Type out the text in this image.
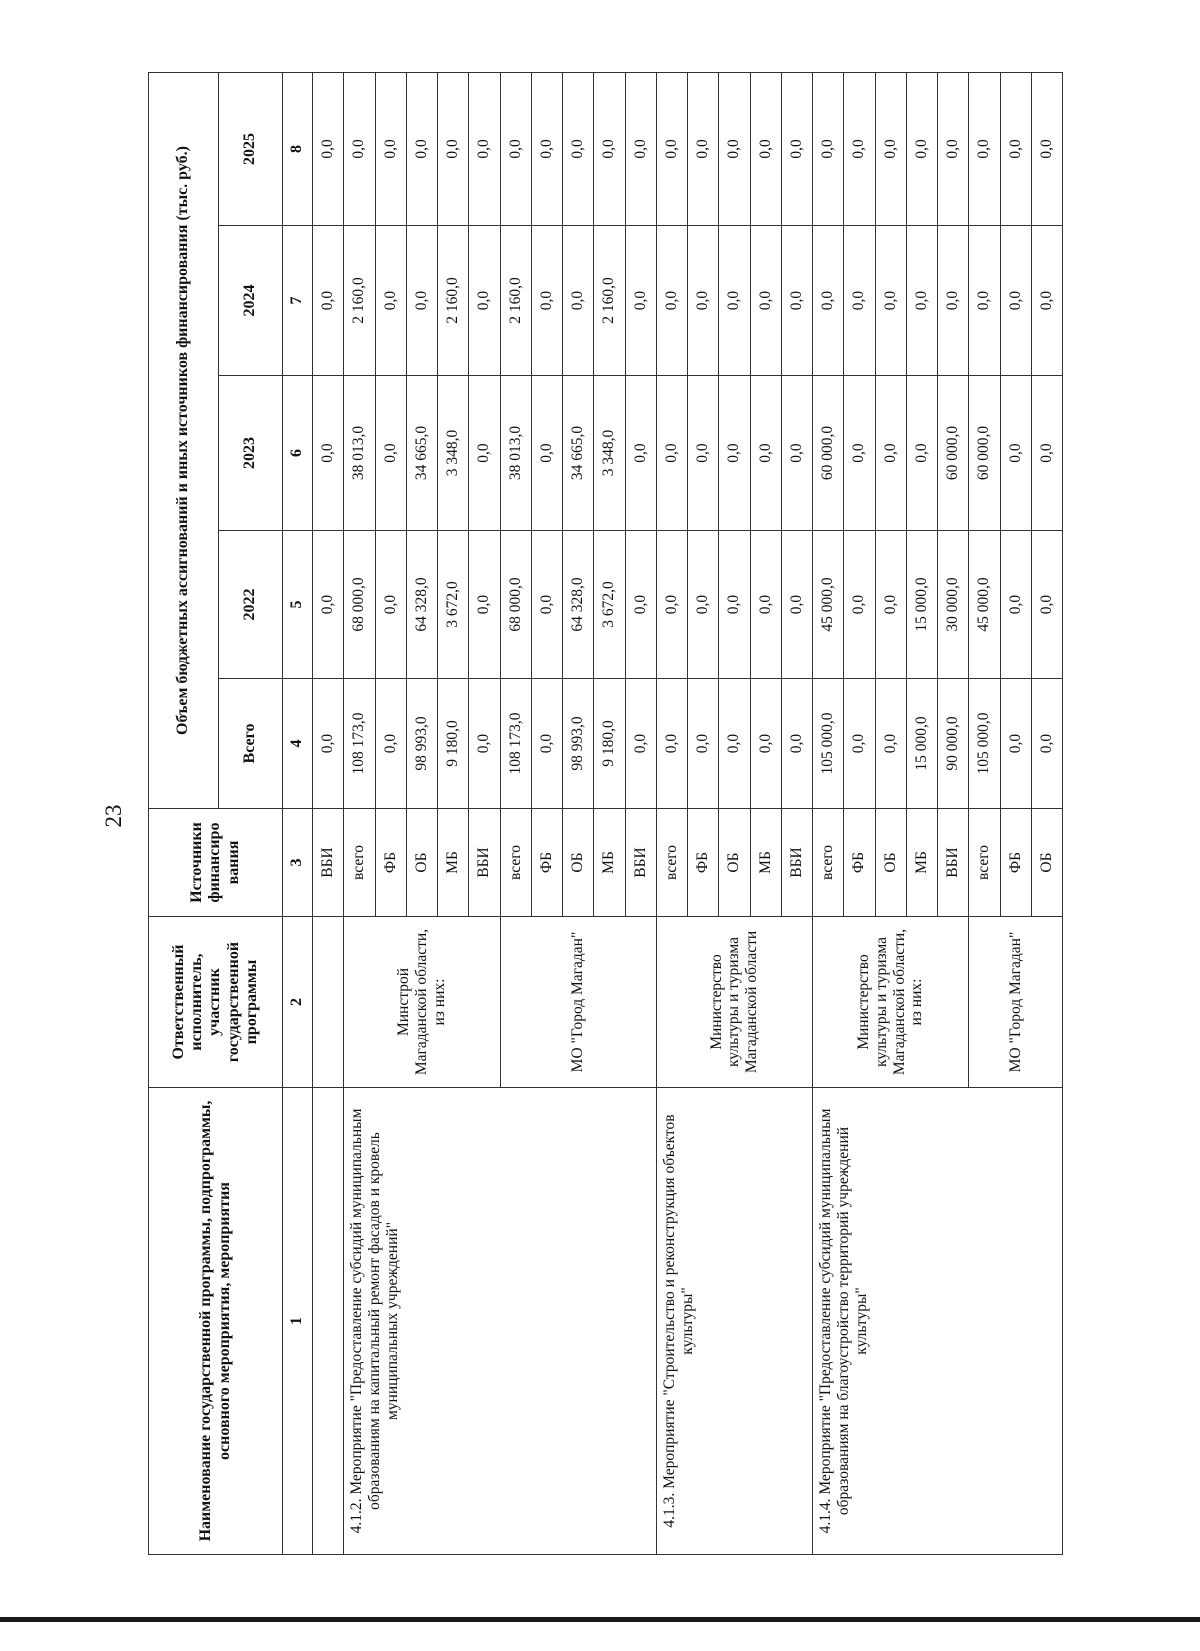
23
Наименование государственной программы, подпрограммы, основного мероприятия, мероприятия	Ответственный исполнитель, участник государственной программы	Источники финансиро вания	Объем бюджетных ассигнований и иных источников финансирования (тыс. руб.)				
			Всего	2022	2023	2024	2025
1	2	3	4	5	6	7	8
		ВБИ	0,0	0,0	0,0	0,0	0,0
4.1.2. Мероприятие "Предоставление субсидий муниципальным образованиям на капитальный ремонт фасадов и кровель муниципальных учреждений"	Минстрой Магаданской области, из них:	всего	108 173,0	68 000,0	38 013,0	2 160,0	0,0
		ФБ	0,0	0,0	0,0	0,0	0,0
		ОБ	98 993,0	64 328,0	34 665,0	0,0	0,0
		МБ	9 180,0	3 672,0	3 348,0	2 160,0	0,0
		ВБИ	0,0	0,0	0,0	0,0	0,0
	МО "Город Магадан"	всего	108 173,0	68 000,0	38 013,0	2 160,0	0,0
		ФБ	0,0	0,0	0,0	0,0	0,0
		ОБ	98 993,0	64 328,0	34 665,0	0,0	0,0
		МБ	9 180,0	3 672,0	3 348,0	2 160,0	0,0
		ВБИ	0,0	0,0	0,0	0,0	0,0
4.1.3. Мероприятие "Строительство и реконструкция объектов культуры"	Министерство культуры и туризма Магаданской области	всего	0,0	0,0	0,0	0,0	0,0
		ФБ	0,0	0,0	0,0	0,0	0,0
		ОБ	0,0	0,0	0,0	0,0	0,0
		МБ	0,0	0,0	0,0	0,0	0,0
		ВБИ	0,0	0,0	0,0	0,0	0,0
4.1.4. Мероприятие "Предоставление субсидий муниципальным образованиям на благоустройство территорий учреждений культуры"	Министерство культуры и туризма Магаданской области, из них:	всего	105 000,0	45 000,0	60 000,0	0,0	0,0
		ФБ	0,0	0,0	0,0	0,0	0,0
		ОБ	0,0	0,0	0,0	0,0	0,0
		МБ	15 000,0	15 000,0	0,0	0,0	0,0
		ВБИ	90 000,0	30 000,0	60 000,0	0,0	0,0
	МО "Город Магадан"	всего	105 000,0	45 000,0	60 000,0	0,0	0,0
		ФБ	0,0	0,0	0,0	0,0	0,0
		ОБ	0,0	0,0	0,0	0,0	0,0
